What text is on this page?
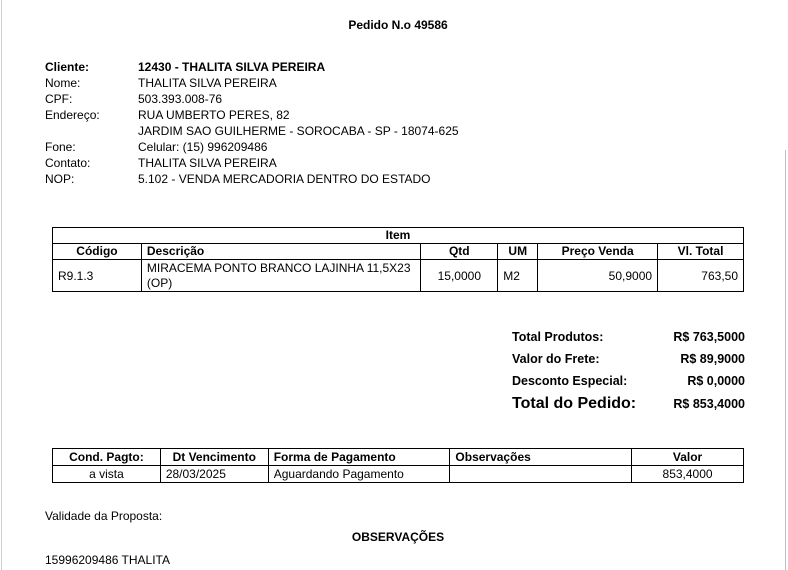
Pedido N.o 49586
Cliente:	12430 - THALITA SILVA PEREIRA
Nome:	THALITA SILVA PEREIRA
CPF:	503.393.008-76
Endereço:	RUA UMBERTO PERES, 82
JARDIM SAO GUILHERME - SOROCABA - SP - 18074-625
Fone:	Celular: (15) 996209486
Contato:	THALITA SILVA PEREIRA
NOP:	5.102 - VENDA MERCADORIA DENTRO DO ESTADO
Item					
Código	Descrição	Qtd	UM	Preço Venda	Vl. Total
R9.1.3	MIRACEMA PONTO BRANCO LAJINHA 11,5X23 (OP)	15,0000	M2	50,9000	763,50
Total Produtos:	R$ 763,5000
Valor do Frete:	R$ 89,9000
Desconto Especial:	R$ 0,0000
Total do Pedido:	R$ 853,4000
Cond. Pagto:	Dt Vencimento	Forma de Pagamento	Observações	Valor
a vista	28/03/2025	Aguardando Pagamento		853,4000
Validade da Proposta:
OBSERVAÇÕES
15996209486 THALITA
